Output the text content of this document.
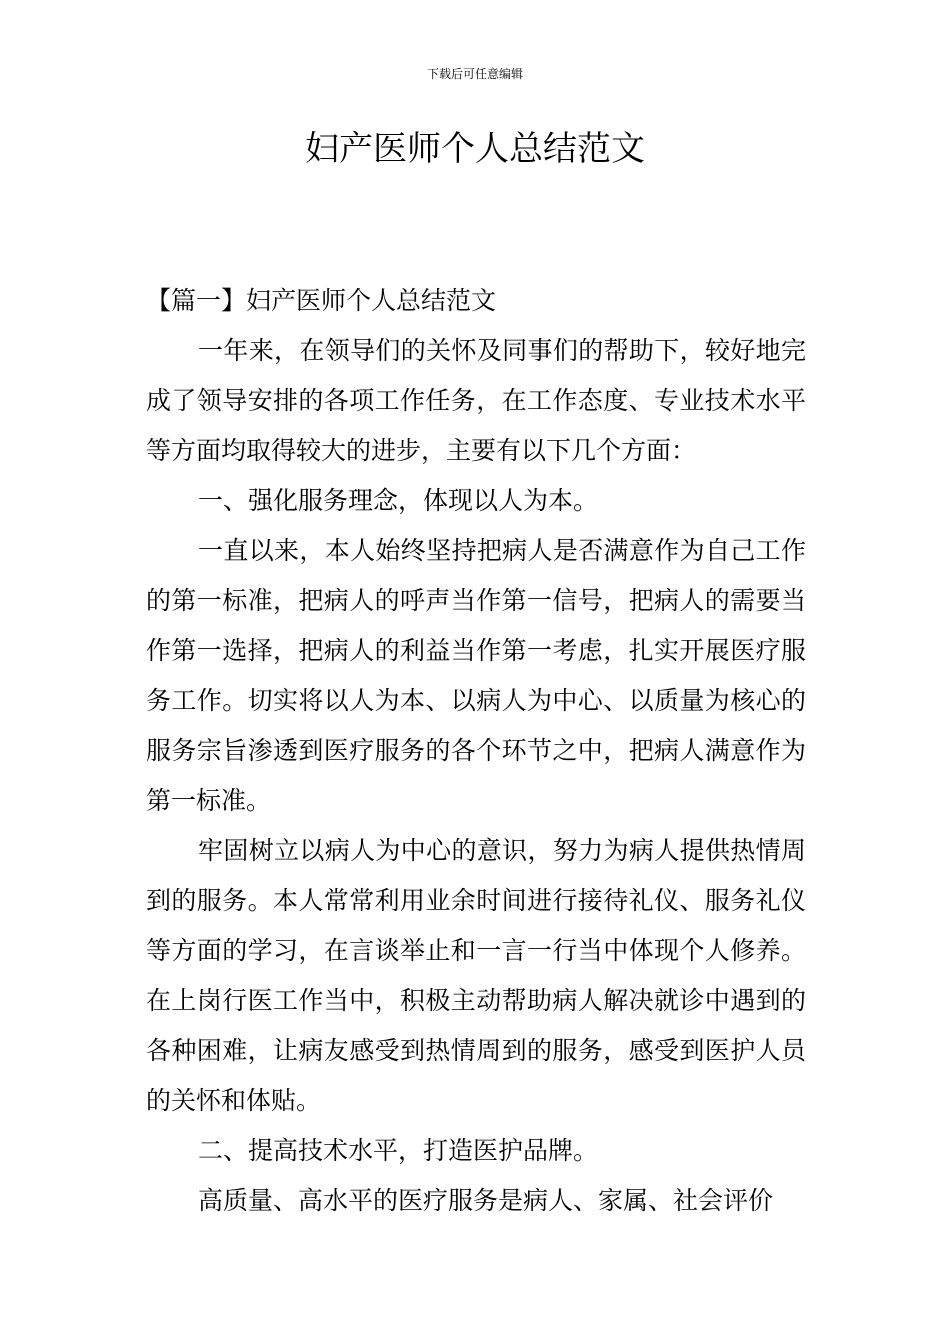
下载后可任意编辑
妇产医师个人总结范文

【篇一】妇产医师个人总结范文

一年来，在领导们的关怀及同事们的帮助下，较好地完成了领导安排的各项工作任务，在工作态度、专业技术水平等方面均取得较大的进步，主要有以下几个方面：

一、强化服务理念，体现以人为本。

一直以来，本人始终坚持把病人是否满意作为自己工作的第一标准，把病人的呼声当作第一信号，把病人的需要当作第一选择，把病人的利益当作第一考虑，扎实开展医疗服务工作。切实将以人为本、以病人为中心、以质量为核心的服务宗旨渗透到医疗服务的各个环节之中，把病人满意作为第一标准。

牢固树立以病人为中心的意识，努力为病人提供热情周到的服务。本人常常利用业余时间进行接待礼仪、服务礼仪等方面的学习，在言谈举止和一言一行当中体现个人修养。在上岗行医工作当中，积极主动帮助病人解决就诊中遇到的各种困难，让病友感受到热情周到的服务，感受到医护人员的关怀和体贴。

二、提高技术水平，打造医护品牌。

高质量、高水平的医疗服务是病人、家属、社会评价
